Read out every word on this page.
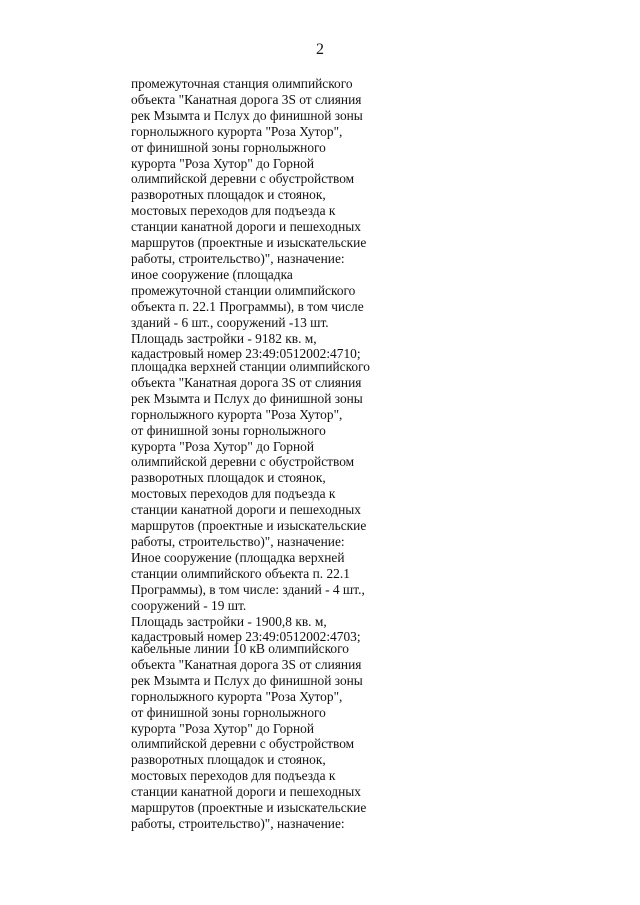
2
промежуточная станция олимпийского
объекта "Канатная дорога 3S от слияния
рек Мзымта и Пслух до финишной зоны
горнолыжного курорта "Роза Хутор",
от финишной зоны горнолыжного
курорта "Роза Хутор" до Горной
олимпийской деревни с обустройством
разворотных площадок и стоянок,
мостовых переходов для подъезда к
станции канатной дороги и пешеходных
маршрутов (проектные и изыскательские
работы, строительство)", назначение:
иное сооружение (площадка
промежуточной станции олимпийского
объекта п. 22.1 Программы), в том числе
зданий - 6 шт., сооружений -13 шт.
Площадь застройки - 9182 кв. м,
кадастровый номер 23:49:0512002:4710;
площадка верхней станции олимпийского
объекта "Канатная дорога 3S от слияния
рек Мзымта и Пслух до финишной зоны
горнолыжного курорта "Роза Хутор",
от финишной зоны горнолыжного
курорта "Роза Хутор" до Горной
олимпийской деревни с обустройством
разворотных площадок и стоянок,
мостовых переходов для подъезда к
станции канатной дороги и пешеходных
маршрутов (проектные и изыскательские
работы, строительство)", назначение:
Иное сооружение (площадка верхней
станции олимпийского объекта п. 22.1
Программы), в том числе: зданий - 4 шт.,
сооружений - 19 шт.
Площадь застройки - 1900,8 кв. м,
кадастровый номер 23:49:0512002:4703;
кабельные линии 10 кВ олимпийского
объекта "Канатная дорога 3S от слияния
рек Мзымта и Пслух до финишной зоны
горнолыжного курорта "Роза Хутор",
от финишной зоны горнолыжного
курорта "Роза Хутор" до Горной
олимпийской деревни с обустройством
разворотных площадок и стоянок,
мостовых переходов для подъезда к
станции канатной дороги и пешеходных
маршрутов (проектные и изыскательские
работы, строительство)", назначение:
